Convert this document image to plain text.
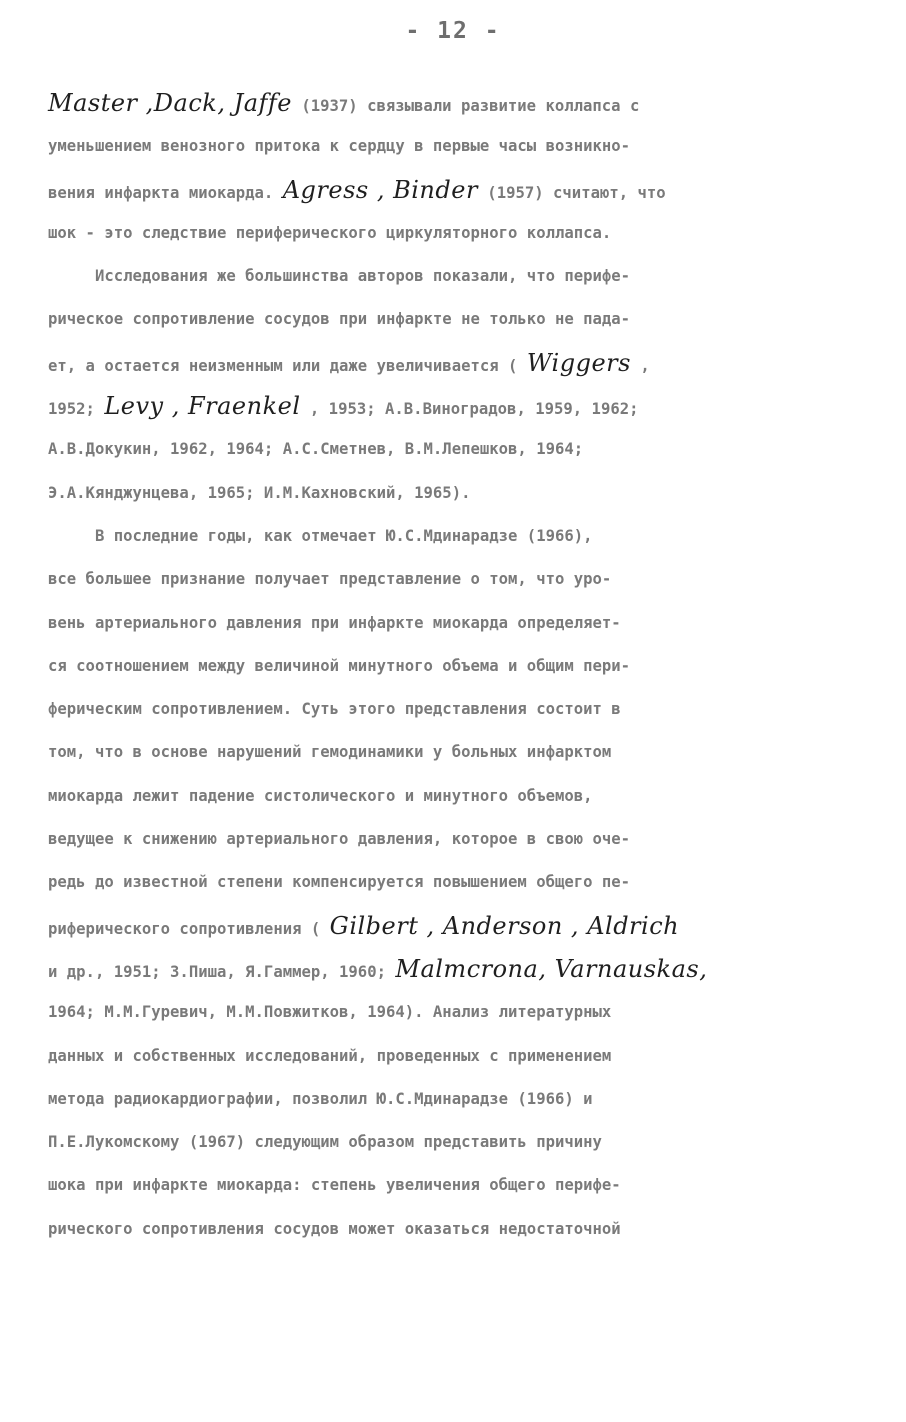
- 12 -
Master ,Dack, Jaffe (1937) связывали развитие коллапса с
уменьшением венозного притока к сердцу в первые часы возникно-
вения инфаркта миокарда. Agress , Binder (1957) считают, что
шок - это следствие периферического циркуляторного коллапса.
Исследования же большинства авторов показали, что перифе-
рическое сопротивление сосудов при инфаркте не только не пада-
ет, а остается неизменным или даже увеличивается ( Wiggers ,
1952; Levy , Fraenkel , 1953; А.В.Виноградов, 1959, 1962;
А.В.Докукин, 1962, 1964; А.С.Сметнев, В.М.Лепешков, 1964;
Э.А.Кянджунцева, 1965; И.М.Кахновский, 1965).
В последние годы, как отмечает Ю.С.Мдинарадзе (1966),
все большее признание получает представление о том, что уро-
вень артериального давления при инфаркте миокарда определяет-
ся соотношением между величиной минутного объема и общим пери-
ферическим сопротивлением. Суть этого представления состоит в
том, что в основе нарушений гемодинамики у больных инфарктом
миокарда лежит падение систолического и минутного объемов,
ведущее к снижению артериального давления, которое в свою оче-
редь до известной степени компенсируется повышением общего пе-
риферического сопротивления ( Gilbert , Anderson , Aldrich
и др., 1951; З.Пиша, Я.Гаммер, 1960; Malmcrona, Varnauskas,
1964; М.М.Гуревич, М.М.Повжитков, 1964). Анализ литературных
данных и собственных исследований, проведенных с применением
метода радиокардиографии, позволил Ю.С.Мдинарадзе (1966) и
П.Е.Лукомскому (1967) следующим образом представить причину
шока при инфаркте миокарда: степень увеличения общего перифе-
рического сопротивления сосудов может оказаться недостаточной
